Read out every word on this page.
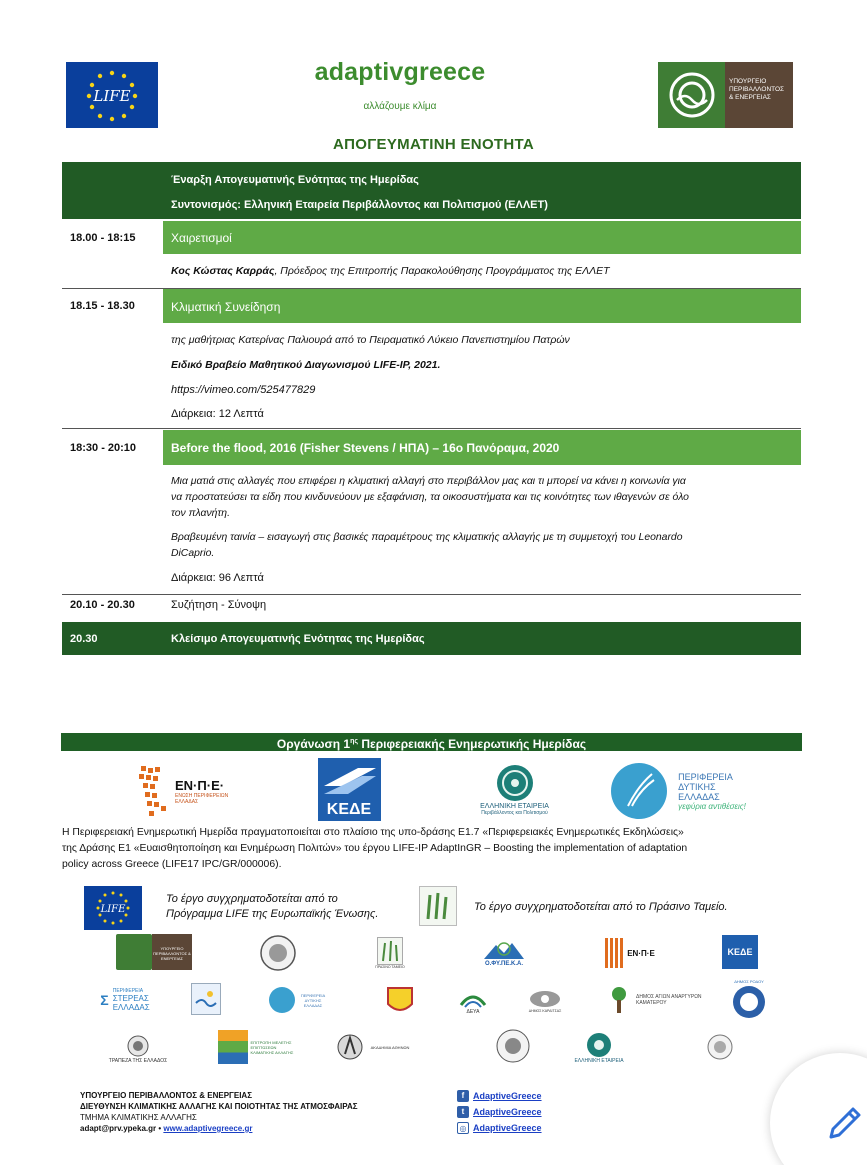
LIFE
adaptivgreece
αλλάζουμε κλίμα
ΥΠΟΥΡΓΕΙΟ ΠΕΡΙΒΑΛΛΟΝΤΟΣ & ΕΝΕΡΓΕΙΑΣ
ΑΠΟΓΕΥΜΑΤΙΝΗ ΕΝΟΤΗΤΑ
Έναρξη Απογευματινής Ενότητας της Ημερίδας
Συντονισμός: Ελληνική Εταιρεία Περιβάλλοντος και Πολιτισμού (ΕΛΛΕΤ)
18.00 - 18:15	Χαιρετισμοί
Κος Κώστας Καρράς, Πρόεδρος της Επιτροπής Παρακολούθησης Προγράμματος της ΕΛΛΕΤ
18.15 - 18.30	Κλιματική Συνείδηση
της μαθήτριας Κατερίνας Παλιουρά από το Πειραματικό Λύκειο Πανεπιστημίου Πατρών
Ειδικό Βραβείο Μαθητικού Διαγωνισμού LIFE-IP, 2021.
https://vimeo.com/525477829
Διάρκεια: 12 Λεπτά
18:30 - 20:10	Before the flood, 2016 (Fisher Stevens / ΗΠΑ) – 16ο Πανόραμα, 2020
Μια ματιά στις αλλαγές που επιφέρει η κλιματική αλλαγή στο περιβάλλον μας και τι μπορεί να κάνει η κοινωνία για
να προστατεύσει τα είδη που κινδυνεύουν με εξαφάνιση, τα οικοσυστήματα και τις κοινότητες των ιθαγενών σε όλο
τον πλανήτη.
Βραβευμένη ταινία – εισαγωγή στις βασικές παραμέτρους της κλιματικής αλλαγής με τη συμμετοχή του Leonardo
DiCaprio.
Διάρκεια: 96 Λεπτά
20.10 - 20.30	Συζήτηση - Σύνοψη
20.30	Κλείσιμο Απογευματινής Ενότητας της Ημερίδας
Οργάνωση $1^{\eta\varsigma}$ Περιφερειακής Ενημερωτικής Ημερίδας
ΕΝ·Π·Ε·
ΕΝΩΣΗ ΠΕΡΙΦΕΡΕΙΩΝ ΕΛΛΑΔΑΣ	ΚΕΔΕ	ΕΛΛΗΝΙΚΗ ΕΤΑΙΡΕΙΑ
Περιβάλλοντος και Πολιτισμού
ΠΕΡΙΦΕΡΕΙΑ
ΔΥΤΙΚΗΣ
ΕΛΛΑΔΑΣ
γεφύρια αντιθέσεις!
Η Περιφερειακή Ενημερωτική Ημερίδα πραγματοποιείται στο πλαίσιο της υπο-δράσης Ε1.7 «Περιφερειακές Ενημερωτικές Εκδηλώσεις»
της Δράσης Ε1 «Ευαισθητοποίηση και Ενημέρωση Πολιτών» του έργου LIFE-IP AdaptInGR – Boosting the implementation of adaptation
policy across Greece (LIFE17 IPC/GR/000006).
LIFE
Το έργο συγχρηματοδοτείται από το
Πρόγραμμα LIFE της Ευρωπαϊκής Ένωσης.
Το έργο συγχρηματοδοτείται από το Πράσινο Ταμείο.
ΥΠΟΥΡΓΕΙΟ ΠΕΡΙΒΑΛΛΟΝΤΟΣ & ΕΝΕΡΓΕΙΑΣ
ΠΡΑΣΙΝΟ ΤΑΜΕΙΟ	Ο.ΦΥ.ΠΕ.Κ.Α.
ΕΝ·Π·Ε	ΚΕΔΕ
Σ
ΠΕΡΙΦΕΡΕΙΑ
ΣΤΕΡΕΑΣ
ΕΛΛΑΔΑΣ
ΠΕΡΙΦΕΡΕΙΑ ΔΥΤΙΚΗΣ ΕΛΛΑΔΑΣ
ΔΕΥΑ	ΔΗΜΟΣ ΚΑΡΔΙΤΣΑΣ
ΔΗΜΟΣ ΑΓΙΩΝ ΑΝΑΡΓΥΡΩΝ ΚΑΜΑΤΕΡΟΥ
ΔΗΜΟΣ ΡΟΔΟΥ
ΤΡΑΠΕΖΑ ΤΗΣ ΕΛΛΑΔΟΣ
ΕΠΙΤΡΟΠΗ ΜΕΛΕΤΗΣ ΕΠΙΠΤΩΣΕΩΝ ΚΛΙΜΑΤΙΚΗΣ ΑΛΛΑΓΗΣ
ΑΚΑΔΗΜΙΑ ΑΘΗΝΩΝ
ΕΛΛΗΝΙΚΗ ΕΤΑΙΡΕΙΑ
ΥΠΟΥΡΓΕΙΟ ΠΕΡΙΒΑΛΛΟΝΤΟΣ & ΕΝΕΡΓΕΙΑΣ
ΔΙΕΥΘΥΝΣΗ ΚΛΙΜΑΤΙΚΗΣ ΑΛΛΑΓΗΣ ΚΑΙ ΠΟΙΟΤΗΤΑΣ ΤΗΣ ΑΤΜΟΣΦΑΙΡΑΣ
ΤΜΗΜΑ ΚΛΙΜΑΤΙΚΗΣ ΑΛΛΑΓΗΣ
adapt@prv.ypeka.gr • www.adaptivegreece.gr
f AdaptiveGreece
t AdaptiveGreece
◎ AdaptiveGreece
